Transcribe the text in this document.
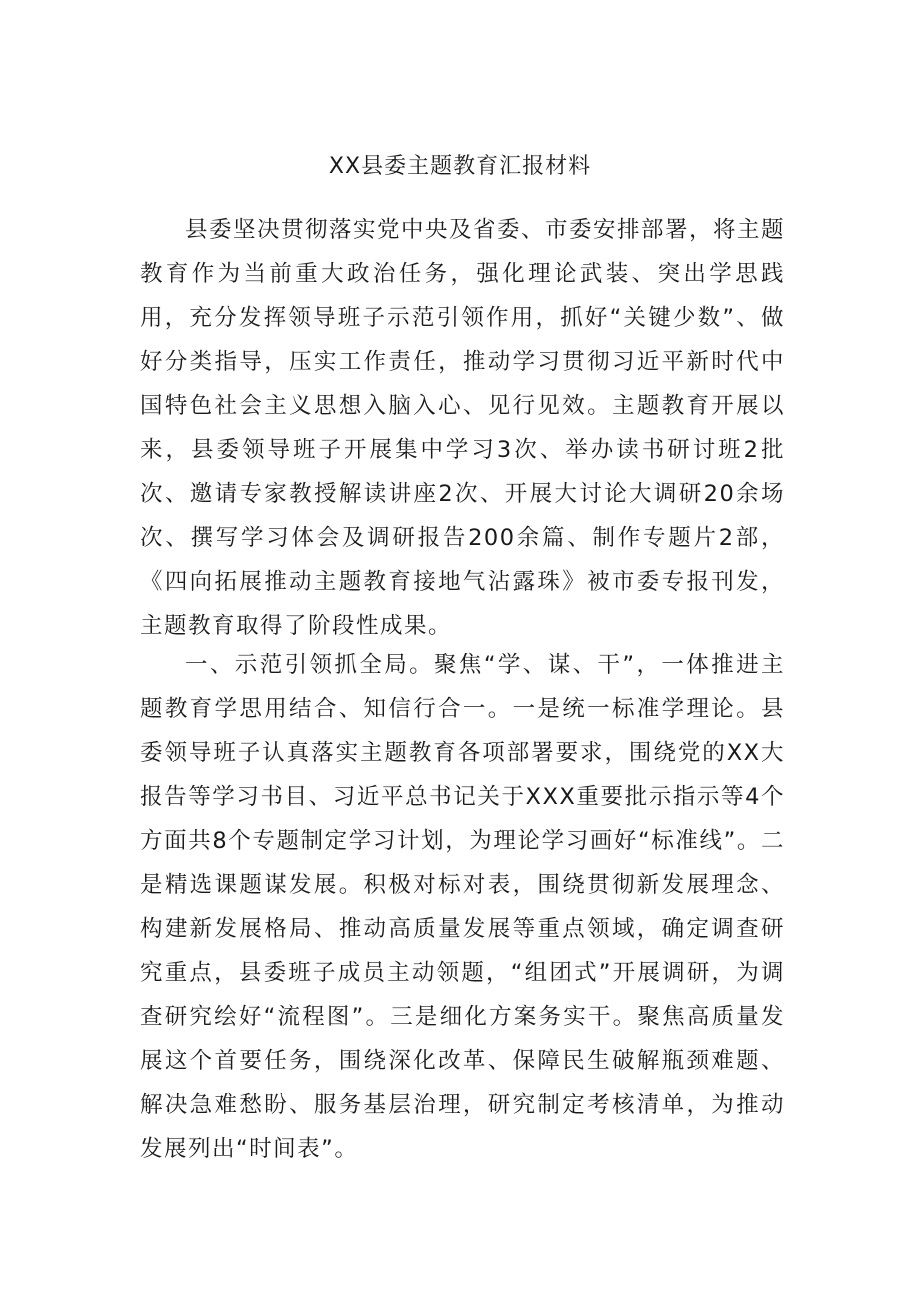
XX县委主题教育汇报材料

县委坚决贯彻落实党中央及省委、市委安排部署，将主题教育作为当前重大政治任务，强化理论武装、突出学思践用，充分发挥领导班子示范引领作用，抓好“关键少数”、做好分类指导，压实工作责任，推动学习贯彻习近平新时代中国特色社会主义思想入脑入心、见行见效。主题教育开展以来，县委领导班子开展集中学习3次、举办读书研讨班2批次、邀请专家教授解读讲座2次、开展大讨论大调研20余场次、撰写学习体会及调研报告200余篇、制作专题片2部，《四向拓展推动主题教育接地气沾露珠》被市委专报刊发，主题教育取得了阶段性成果。

一、示范引领抓全局。聚焦“学、谋、干”，一体推进主题教育学思用结合、知信行合一。一是统一标准学理论。县委领导班子认真落实主题教育各项部署要求，围绕党的XX大报告等学习书目、习近平总书记关于XXX重要批示指示等4个方面共8个专题制定学习计划，为理论学习画好“标准线”。二是精选课题谋发展。积极对标对表，围绕贯彻新发展理念、构建新发展格局、推动高质量发展等重点领域，确定调查研究重点，县委班子成员主动领题，“组团式”开展调研，为调查研究绘好“流程图”。三是细化方案务实干。聚焦高质量发展这个首要任务，围绕深化改革、保障民生破解瓶颈难题、解决急难愁盼、服务基层治理，研究制定考核清单，为推动发展列出“时间表”。
